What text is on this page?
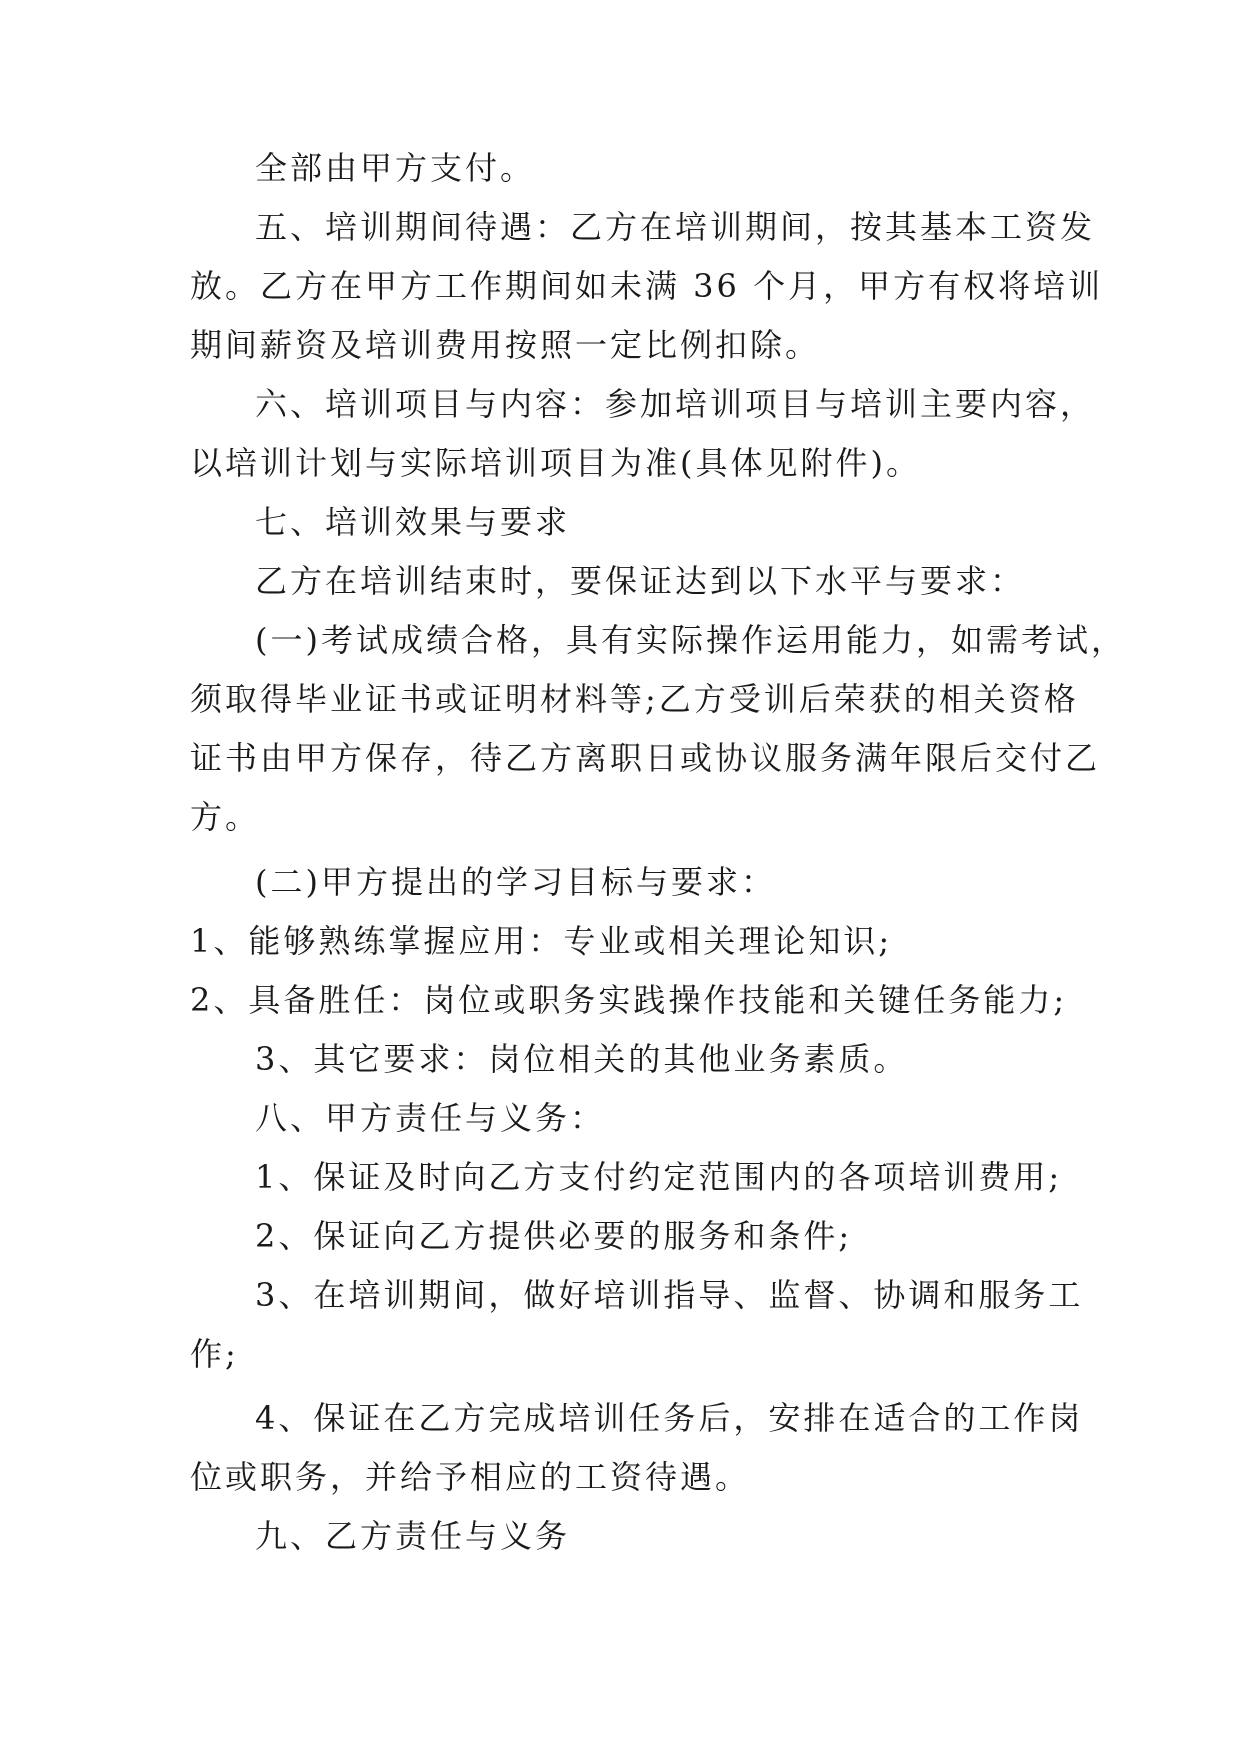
全部由甲方支付。
五、培训期间待遇：乙方在培训期间，按其基本工资发
放。乙方在甲方工作期间如未满 36 个月，甲方有权将培训
期间薪资及培训费用按照一定比例扣除。
六、培训项目与内容：参加培训项目与培训主要内容，
以培训计划与实际培训项目为准(具体见附件)。
七、培训效果与要求
乙方在培训结束时，要保证达到以下水平与要求：
(一)考试成绩合格，具有实际操作运用能力，如需考试，
须取得毕业证书或证明材料等;乙方受训后荣获的相关资格
证书由甲方保存，待乙方离职日或协议服务满年限后交付乙
方。
(二)甲方提出的学习目标与要求：
1、能够熟练掌握应用：专业或相关理论知识;
2、具备胜任：岗位或职务实践操作技能和关键任务能力;
3、其它要求：岗位相关的其他业务素质。
八、甲方责任与义务：
1、保证及时向乙方支付约定范围内的各项培训费用;
2、保证向乙方提供必要的服务和条件;
3、在培训期间，做好培训指导、监督、协调和服务工
作;
4、保证在乙方完成培训任务后，安排在适合的工作岗
位或职务，并给予相应的工资待遇。
九、乙方责任与义务
